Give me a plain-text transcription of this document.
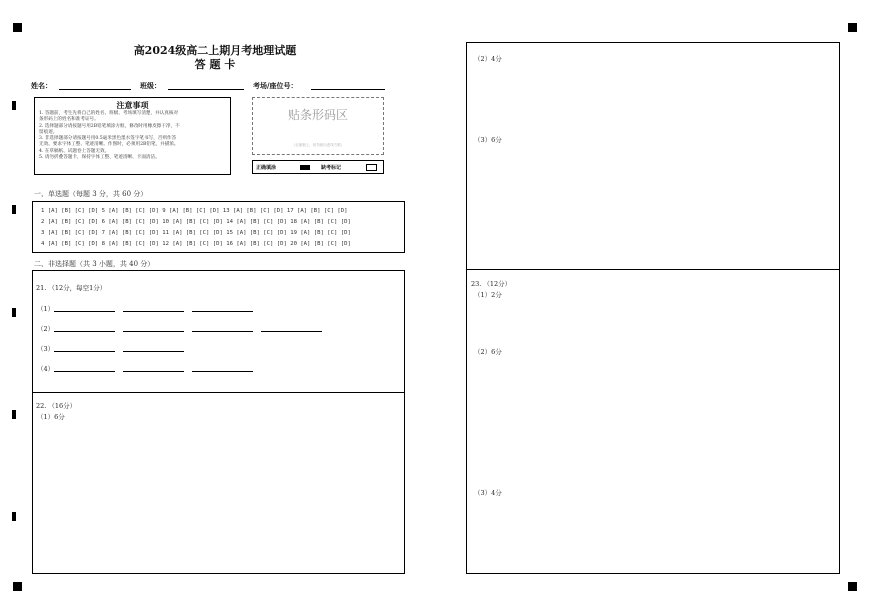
高2024级高二上期月考地理试题
答 题 卡
姓名：	班级：	考场/座位号：
注意事项
1. 答题前，考生先将自己的姓名、班级、考场填写清楚，并认真核对
条形码上的姓名和准考证号。
2. 选择题部分请按题号用2B铅笔填涂方框，修改时用橡皮擦干净，不
留痕迹。
3. 非选择题部分请按题号用0.5毫米黑色墨水签字笔书写，否则作答
无效。要求字体工整、笔迹清晰。作图时，必须用2B铅笔，并描浓。
4. 在草稿纸、试题卷上答题无效。
5. 请勿折叠答题卡，保持字体工整、笔迹清晰、卡面清洁。
贴条形码区
（正面朝上，切勿贴出虚线方框）
正确填涂	缺考标记
一、单选题（每题 3 分，共 60 分）
1 [A] [B] [C] [D] 5 [A] [B] [C] [D] 9 [A] [B] [C] [D] 13 [A] [B] [C] [D] 17 [A] [B] [C] [D]
2 [A] [B] [C] [D] 6 [A] [B] [C] [D] 10 [A] [B] [C] [D] 14 [A] [B] [C] [D] 18 [A] [B] [C] [D]
3 [A] [B] [C] [D] 7 [A] [B] [C] [D] 11 [A] [B] [C] [D] 15 [A] [B] [C] [D] 19 [A] [B] [C] [D]
4 [A] [B] [C] [D] 8 [A] [B] [C] [D] 12 [A] [B] [C] [D] 16 [A] [B] [C] [D] 20 [A] [B] [C] [D]
二、非选择题（共 3 小题，共 40 分）
21. （12分，每空1分）
（1）
（2）
（3）
（4）
22. （16分）
（1）6分
（2）4分
（3）6分
23. （12分）
（1）2分
（2）6分
（3）4分
